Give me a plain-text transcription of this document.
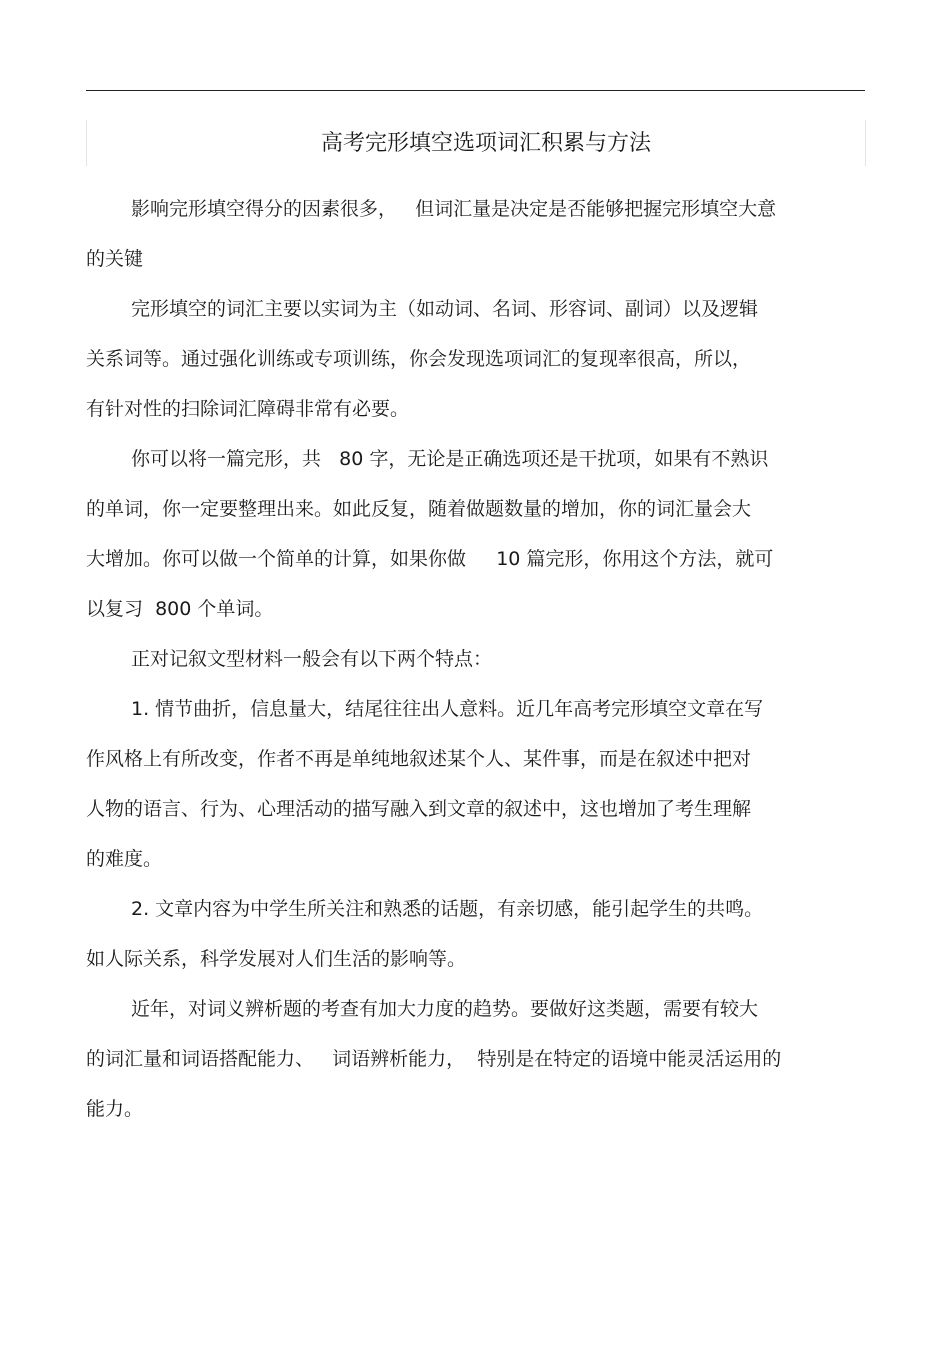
高考完形填空选项词汇积累与方法

影响完形填空得分的因素很多，   但词汇量是决定是否能够把握完形填空大意

的关键

完形填空的词汇主要以实词为主（如动词、名词、形容词、副词）以及逻辑

关系词等。通过强化训练或专项训练，你会发现选项词汇的复现率很高，所以，

有针对性的扫除词汇障碍非常有必要。

你可以将一篇完形，共   80 字，无论是正确选项还是干扰项，如果有不熟识

的单词，你一定要整理出来。如此反复，随着做题数量的增加，你的词汇量会大

大增加。你可以做一个简单的计算，如果你做     10 篇完形，你用这个方法，就可

以复习  800 个单词。

正对记叙文型材料一般会有以下两个特点：

1. 情节曲折，信息量大，结尾往往出人意料。近几年高考完形填空文章在写

作风格上有所改变，作者不再是单纯地叙述某个人、某件事，而是在叙述中把对

人物的语言、行为、心理活动的描写融入到文章的叙述中，这也增加了考生理解

的难度。

2. 文章内容为中学生所关注和熟悉的话题，有亲切感，能引起学生的共鸣。

如人际关系，科学发展对人们生活的影响等。

近年，对词义辨析题的考查有加大力度的趋势。要做好这类题，需要有较大

的词汇量和词语搭配能力、   词语辨析能力，  特别是在特定的语境中能灵活运用的

能力。
